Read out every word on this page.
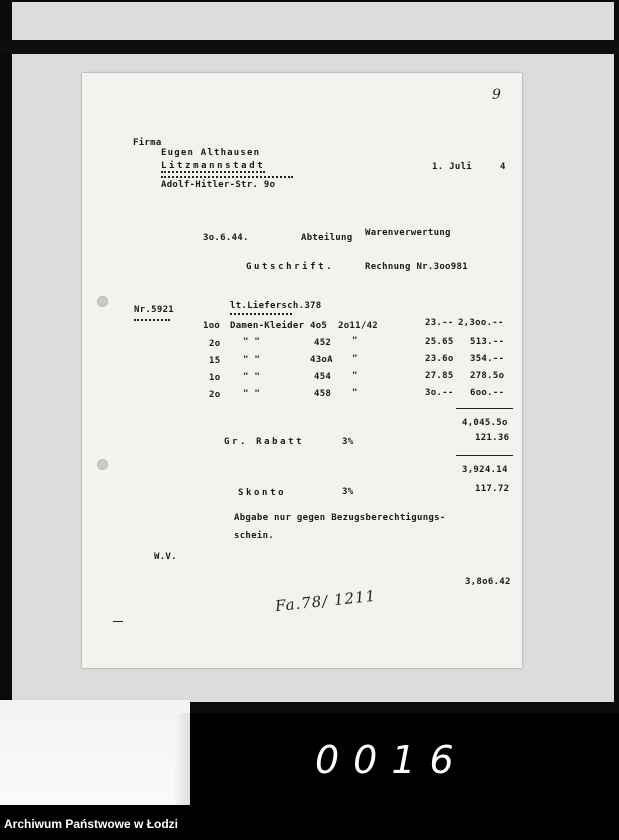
9
Firma
Eugen Althausen
Litzmannstadt	1. Juli	4
Adolf-Hitler-Str. 9o
3o.6.44.	Abteilung Warenverwertung
Gutschrift.	Rechnung Nr.3oo981
Nr.5921	lt.Liefersch.378
1oo Damen-Kleider 4o5 2o11/42	23.-- 2,3oo.--
2o	" "	452 "	25.65 513.--
15	" "	43oA "	23.6o 354.--
1o	" "	454 "	27.85 278.5o
2o	" "	458 "	3o.-- 6oo.--
4,045.5o
Gr. Rabatt	3%	121.36
3,924.14
Skonto	3%	117.72
Abgabe nur gegen Bezugsberechtigungs-
schein.
W.V.
3,8o6.42
Fa.78/ 1211
0016
Archiwum Państwowe w Łodzi
